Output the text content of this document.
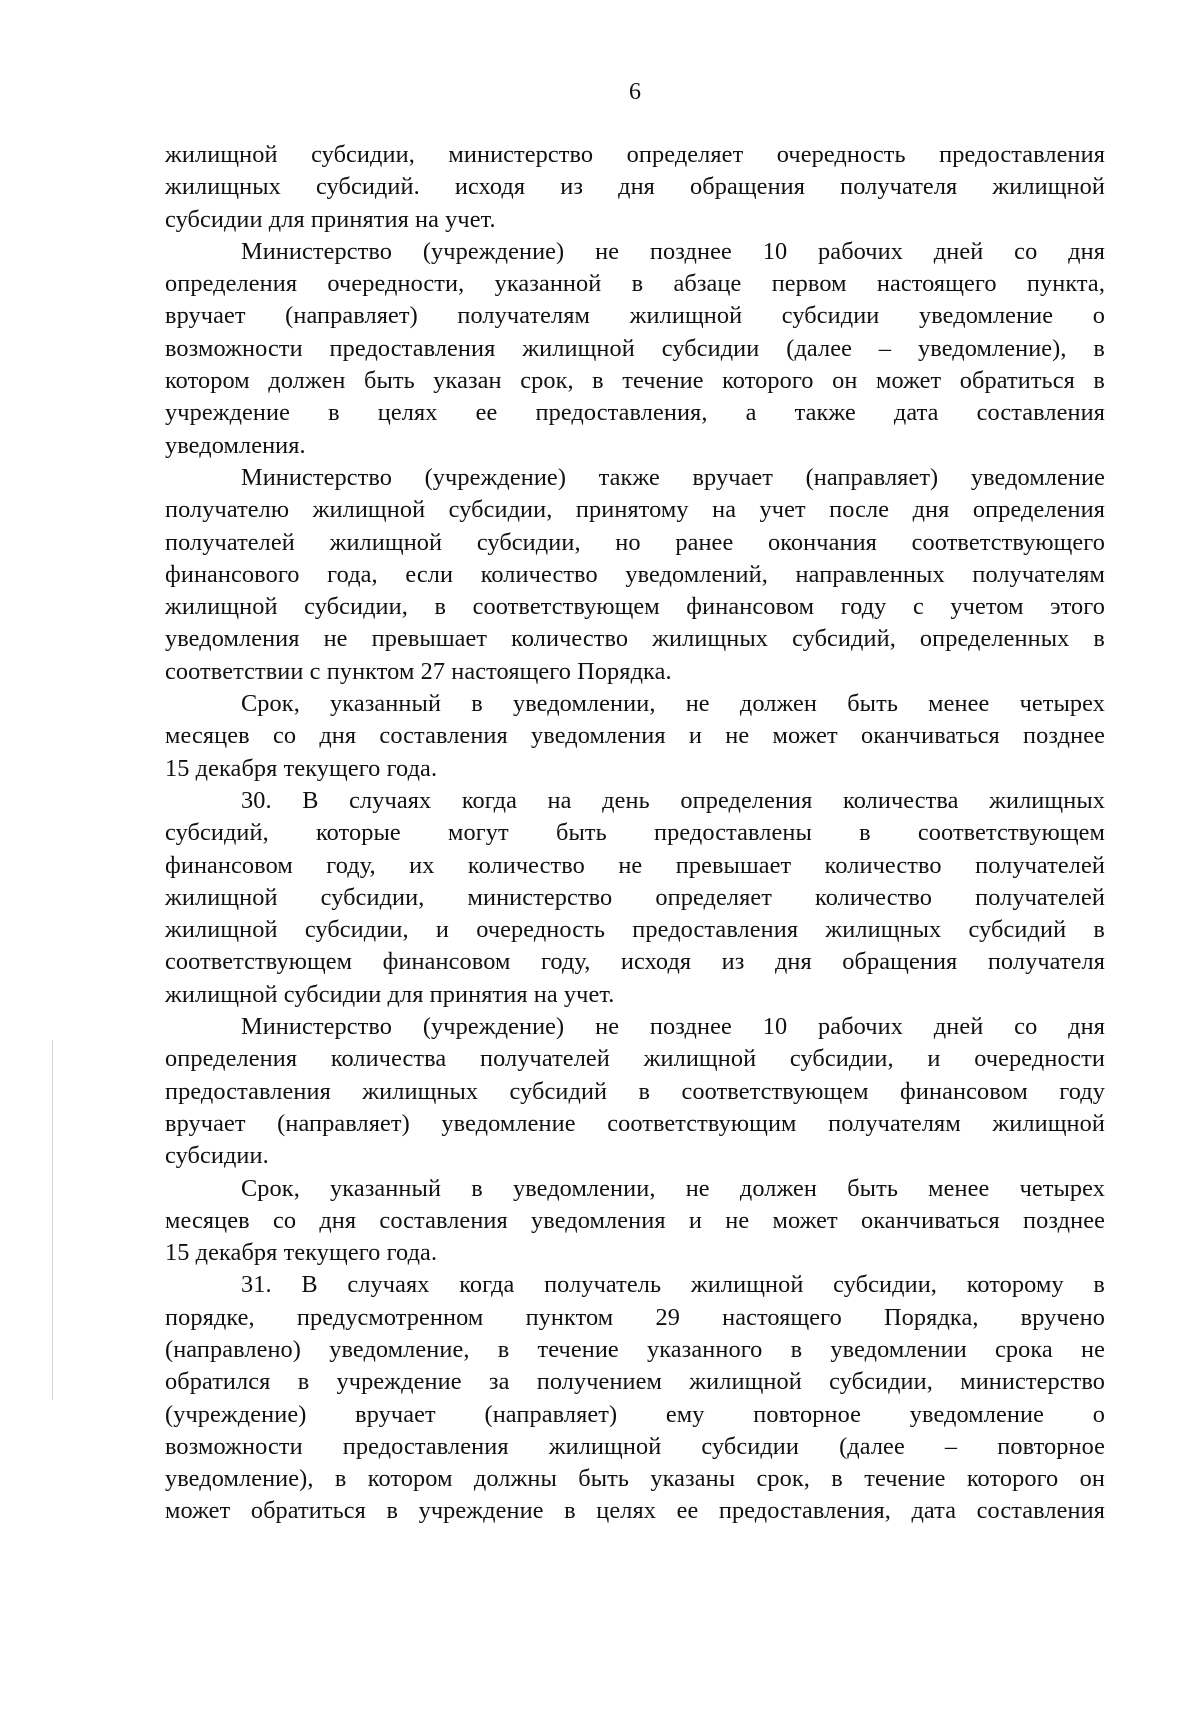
6
жилищной субсидии, министерство определяет очередность предоставления
жилищных субсидий. исходя из дня обращения получателя жилищной
субсидии для принятия на учет.
Министерство (учреждение) не позднее 10 рабочих дней со дня
определения очередности, указанной в абзаце первом настоящего пункта,
вручает (направляет) получателям жилищной субсидии уведомление о
возможности предоставления жилищной субсидии (далее – уведомление), в
котором должен быть указан срок, в течение которого он может обратиться в
учреждение в целях ее предоставления, а также дата составления
уведомления.
Министерство (учреждение) также вручает (направляет) уведомление
получателю жилищной субсидии, принятому на учет после дня определения
получателей жилищной субсидии, но ранее окончания соответствующего
финансового года, если количество уведомлений, направленных получателям
жилищной субсидии, в соответствующем финансовом году с учетом этого
уведомления не превышает количество жилищных субсидий, определенных в
соответствии с пунктом 27 настоящего Порядка.
Срок, указанный в уведомлении, не должен быть менее четырех
месяцев со дня составления уведомления и не может оканчиваться позднее
15 декабря текущего года.
30. В случаях когда на день определения количества жилищных
субсидий, которые могут быть предоставлены в соответствующем
финансовом году, их количество не превышает количество получателей
жилищной субсидии, министерство определяет количество получателей
жилищной субсидии, и очередность предоставления жилищных субсидий в
соответствующем финансовом году, исходя из дня обращения получателя
жилищной субсидии для принятия на учет.
Министерство (учреждение) не позднее 10 рабочих дней со дня
определения количества получателей жилищной субсидии, и очередности
предоставления жилищных субсидий в соответствующем финансовом году
вручает (направляет) уведомление соответствующим получателям жилищной
субсидии.
Срок, указанный в уведомлении, не должен быть менее четырех
месяцев со дня составления уведомления и не может оканчиваться позднее
15 декабря текущего года.
31. В случаях когда получатель жилищной субсидии, которому в
порядке, предусмотренном пунктом 29 настоящего Порядка, вручено
(направлено) уведомление, в течение указанного в уведомлении срока не
обратился в учреждение за получением жилищной субсидии, министерство
(учреждение) вручает (направляет) ему повторное уведомление о
возможности предоставления жилищной субсидии (далее – повторное
уведомление), в котором должны быть указаны срок, в течение которого он
может обратиться в учреждение в целях ее предоставления, дата составления
